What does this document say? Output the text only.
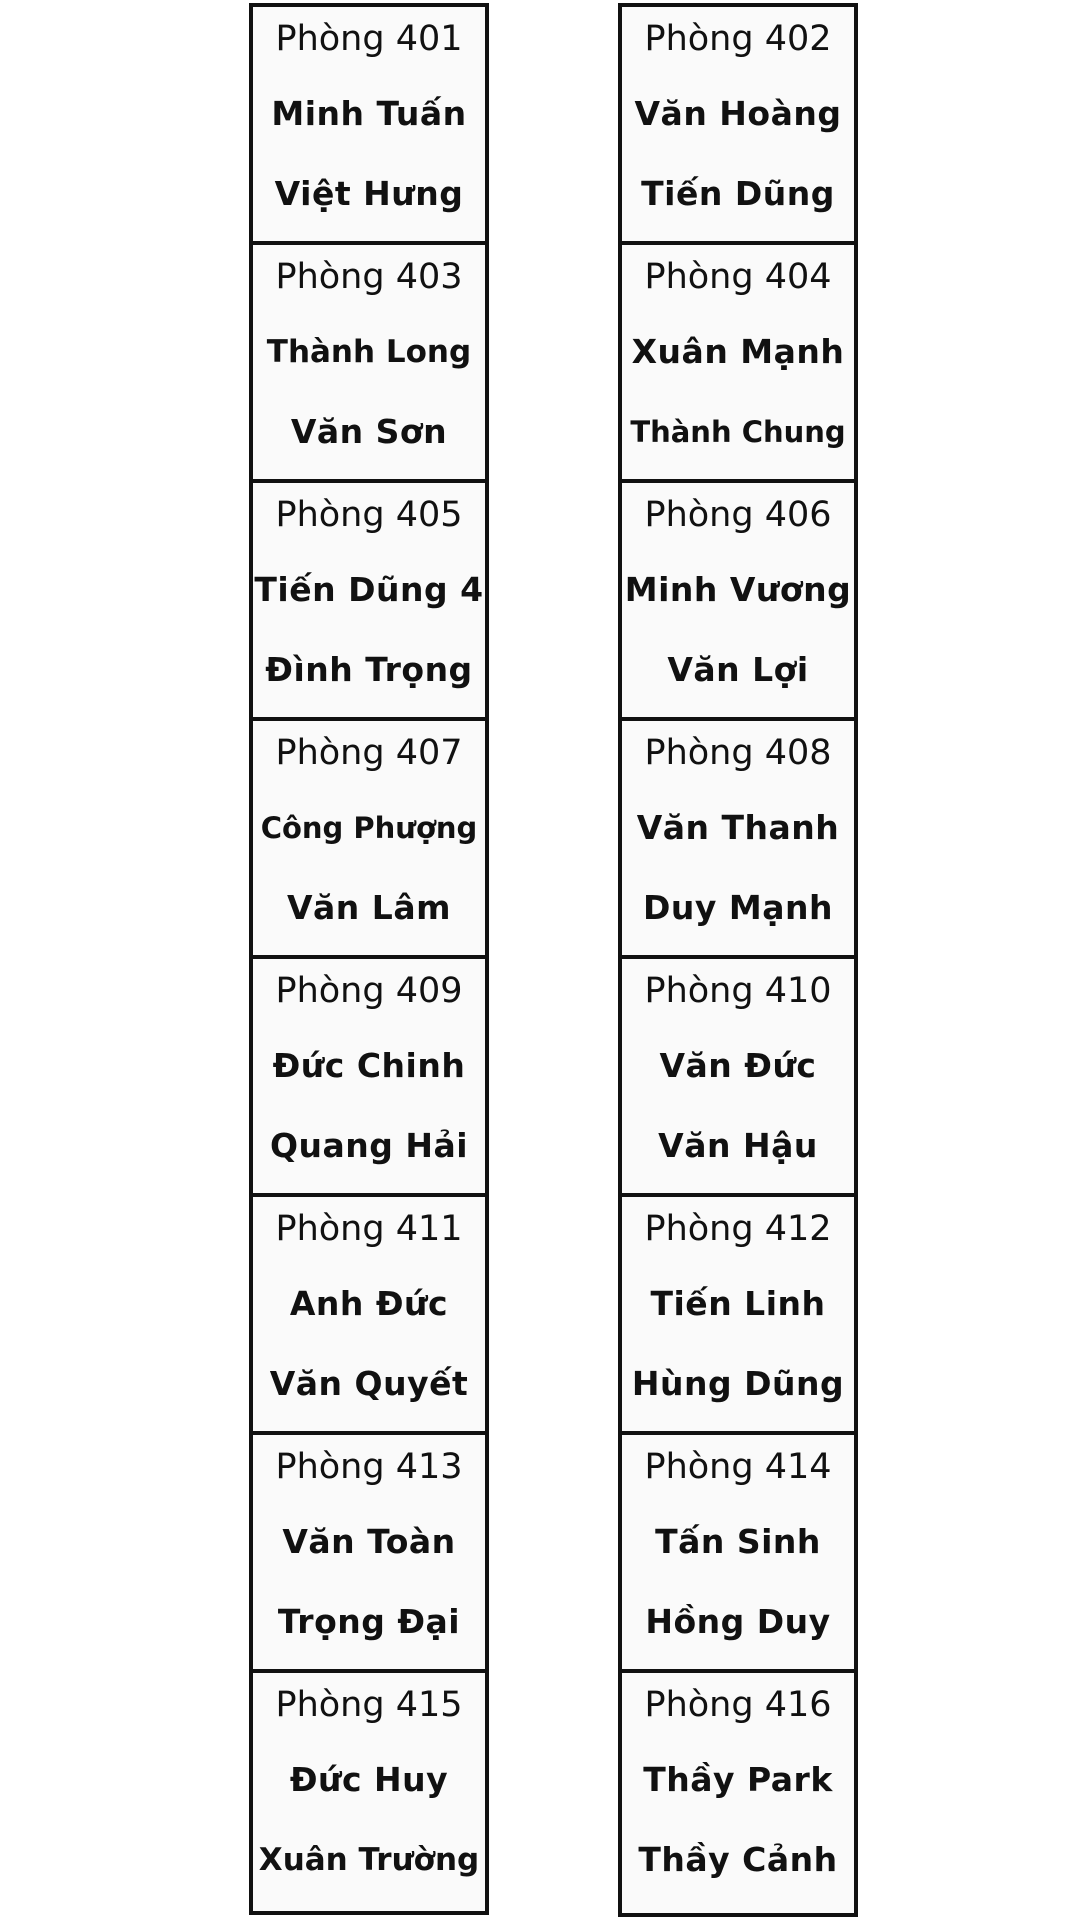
Phòng 401
Minh Tuấn
Việt Hưng
Phòng 403
Thành Long
Văn Sơn
Phòng 405
Tiến Dũng 4
Đình Trọng
Phòng 407
Công Phượng
Văn Lâm
Phòng 409
Đức Chinh
Quang Hải
Phòng 411
Anh Đức
Văn Quyết
Phòng 413
Văn Toàn
Trọng Đại
Phòng 415
Đức Huy
Xuân Trường
Phòng 402
Văn Hoàng
Tiến Dũng
Phòng 404
Xuân Mạnh
Thành Chung
Phòng 406
Minh Vương
Văn Lợi
Phòng 408
Văn Thanh
Duy Mạnh
Phòng 410
Văn Đức
Văn Hậu
Phòng 412
Tiến Linh
Hùng Dũng
Phòng 414
Tấn Sinh
Hồng Duy
Phòng 416
Thầy Park
Thầy Cảnh
